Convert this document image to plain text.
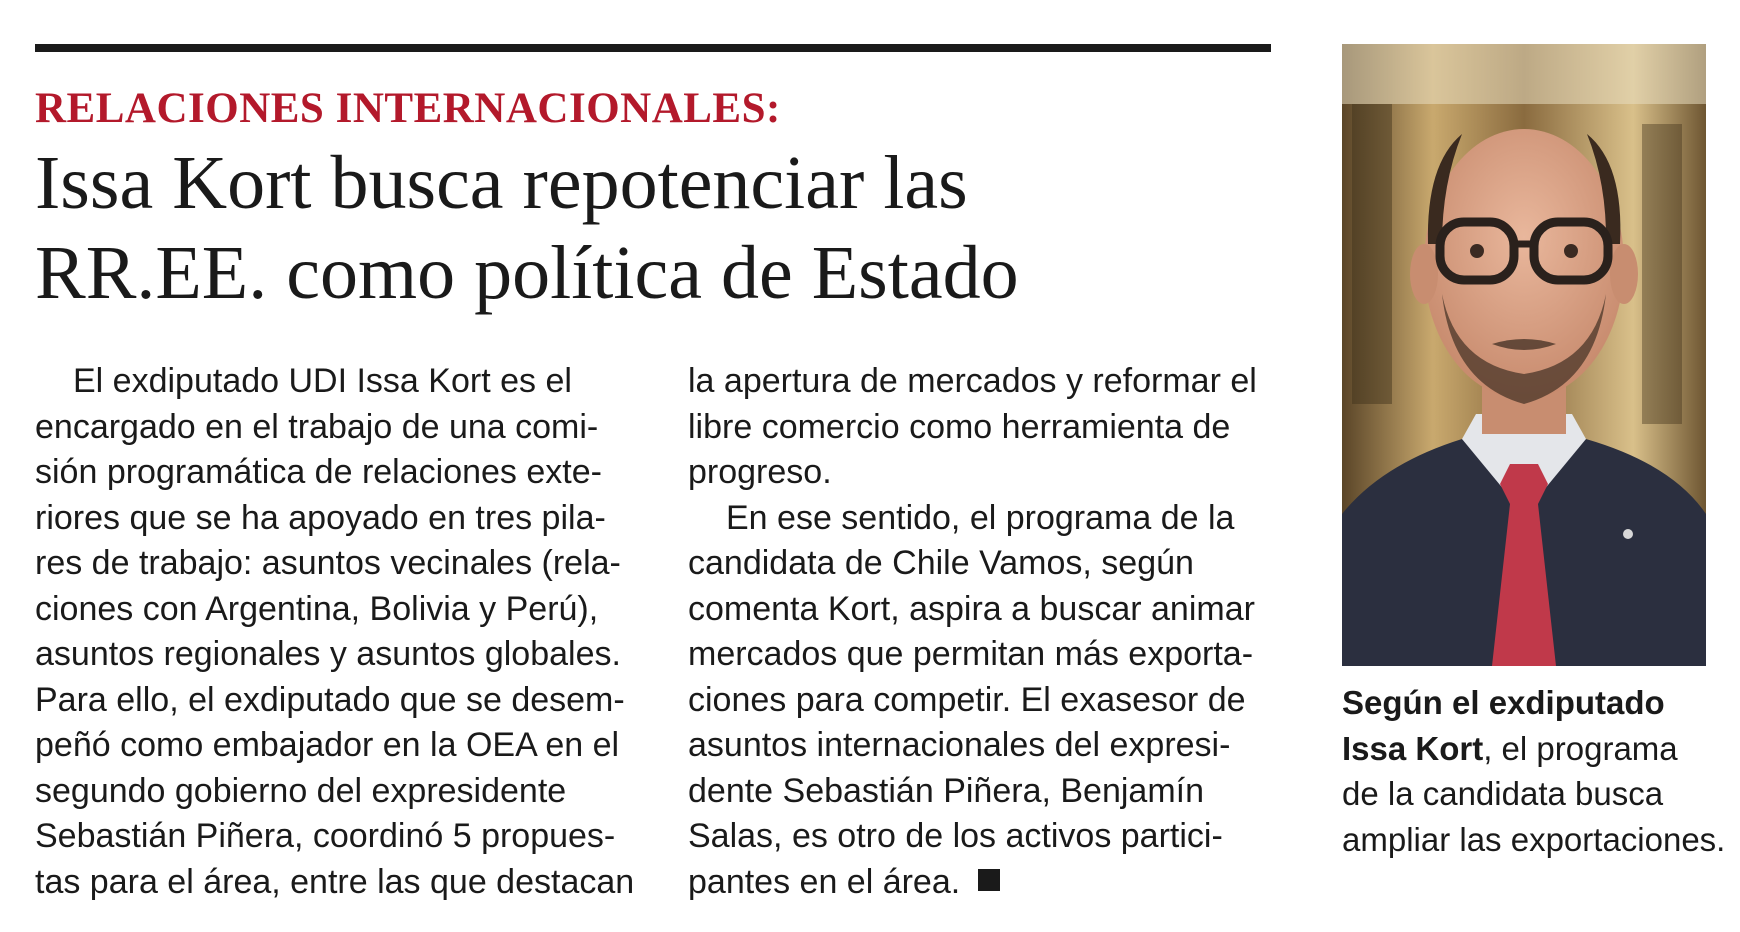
RELACIONES INTERNACIONALES:
Issa Kort busca repotenciar las
RR.EE. como política de Estado
El exdiputado UDI Issa Kort es el
encargado en el trabajo de una comi-
sión programática de relaciones exte-
riores que se ha apoyado en tres pila-
res de trabajo: asuntos vecinales (rela-
ciones con Argentina, Bolivia y Perú),
asuntos regionales y asuntos globales.
Para ello, el exdiputado que se desem-
peñó como embajador en la OEA en el
segundo gobierno del expresidente
Sebastián Piñera, coordinó 5 propues-
tas para el área, entre las que destacan
la apertura de mercados y reformar el
libre comercio como herramienta de
progreso.
En ese sentido, el programa de la
candidata de Chile Vamos, según
comenta Kort, aspira a buscar animar
mercados que permitan más exporta-
ciones para competir. El exasesor de
asuntos internacionales del expresi-
dente Sebastián Piñera, Benjamín
Salas, es otro de los activos partici-
pantes en el área.
Según el exdiputado
Issa Kort, el programa
de la candidata busca
ampliar las exportaciones.
